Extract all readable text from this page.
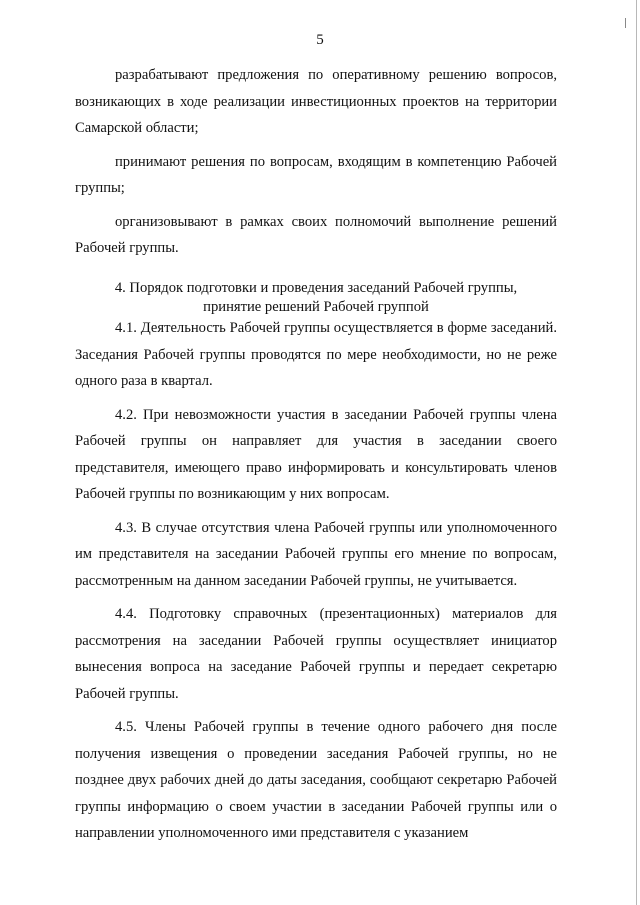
5

разрабатывают предложения по оперативному решению вопросов, возникающих в ходе реализации инвестиционных проектов на территории Самарской области;

принимают решения по вопросам, входящим в компетенцию Рабочей группы;

организовывают в рамках своих полномочий выполнение решений Рабочей группы.

4. Порядок подготовки и проведения заседаний Рабочей группы,
принятие решений Рабочей группой

4.1. Деятельность Рабочей группы осуществляется в форме заседаний. Заседания Рабочей группы проводятся по мере необходимости, но не реже одного раза в квартал.

4.2. При невозможности участия в заседании Рабочей группы члена Рабочей группы он направляет для участия в заседании своего представителя, имеющего право информировать и консультировать членов Рабочей группы по возникающим у них вопросам.

4.3. В случае отсутствия члена Рабочей группы или уполномоченного им представителя на заседании Рабочей группы его мнение по вопросам, рассмотренным на данном заседании Рабочей группы, не учитывается.

4.4. Подготовку справочных (презентационных) материалов для рассмотрения на заседании Рабочей группы осуществляет инициатор вынесения вопроса на заседание Рабочей группы и передает секретарю Рабочей группы.

4.5. Члены Рабочей группы в течение одного рабочего дня после получения извещения о проведении заседания Рабочей группы, но не позднее двух рабочих дней до даты заседания, сообщают секретарю Рабочей группы информацию о своем участии в заседании Рабочей группы или о направлении уполномоченного ими представителя с указанием
